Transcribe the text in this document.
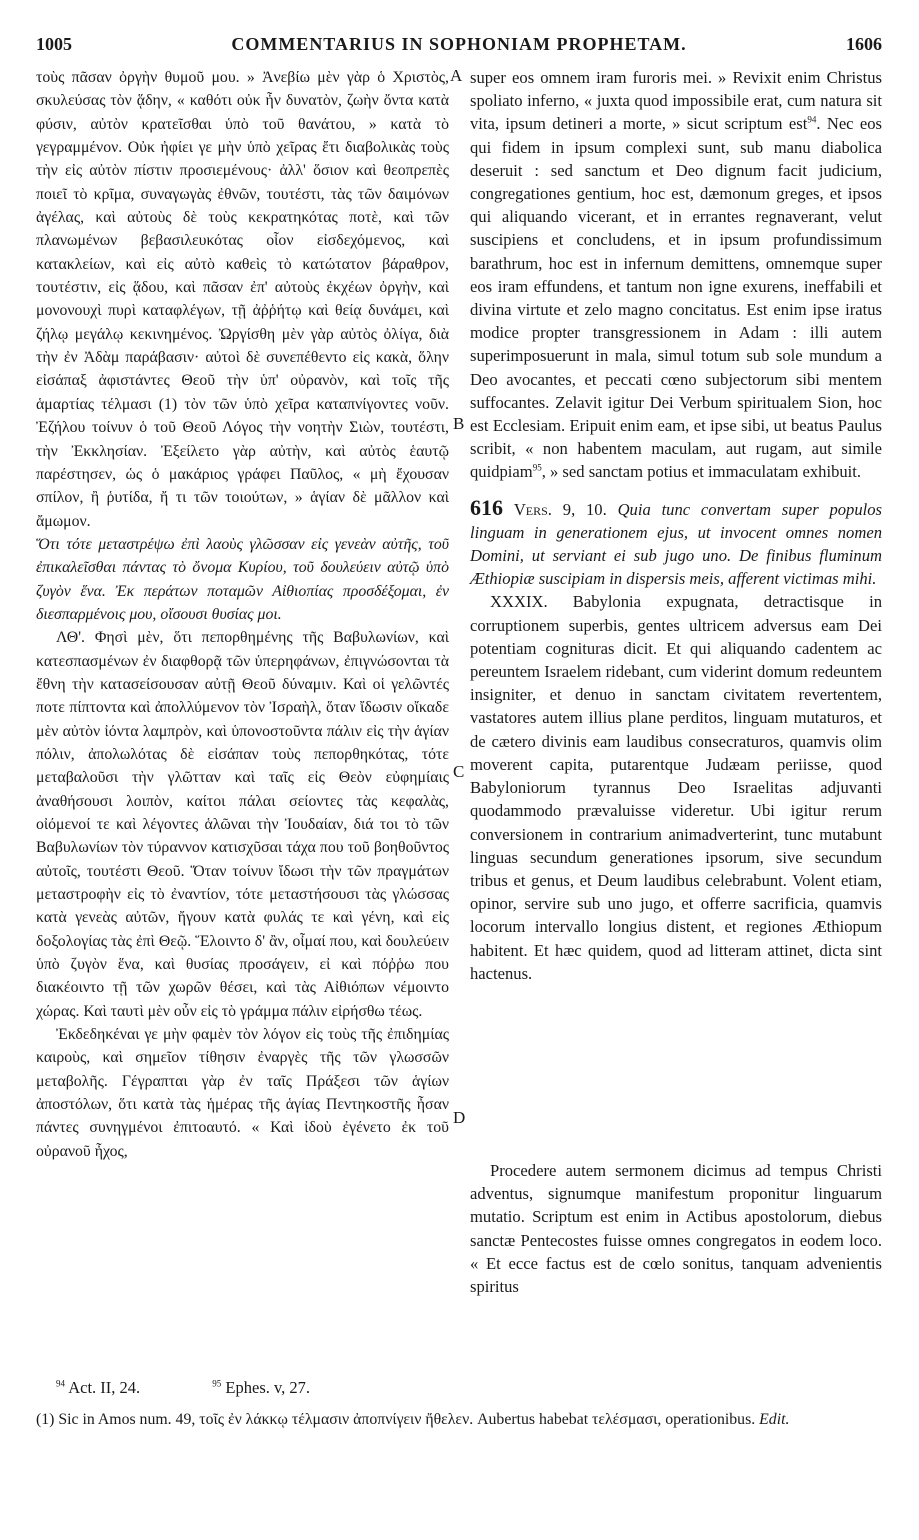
1005	COMMENTARIUS IN SOPHONIAM PROPHETAM.	1606
A
B
C
D

τοὺς πᾶσαν ὀργὴν θυμοῦ μου. » Ἀνεβίω μὲν γὰρ ὁ Χριστὸς, σκυλεύσας τὸν ᾅδην, « καθότι οὐκ ἦν δυνατὸν, ζωὴν ὄντα κατὰ φύσιν, αὐτὸν κρατεῖσθαι ὑπὸ τοῦ θανάτου, » κατὰ τὸ γεγραμμένον. Οὐκ ἠφίει γε μὴν ὑπὸ χεῖρας ἔτι διαβολικὰς τοὺς τὴν εἰς αὐτὸν πίστιν προσιεμένους· ἀλλ' ὅσιον καὶ θεοπρεπὲς ποιεῖ τὸ κρῖμα, συναγωγὰς ἐθνῶν, τουτέστι, τὰς τῶν δαιμόνων ἀγέλας, καὶ αὐτοὺς δὲ τοὺς κεκρατηκότας ποτὲ, καὶ τῶν πλανωμένων βεβασιλευκότας οἷον εἰσδεχόμενος, καὶ κατακλείων, καὶ εἰς αὐτὸ καθεὶς τὸ κατώτατον βάραθρον, τουτέστιν, εἰς ᾅδου, καὶ πᾶσαν ἐπ' αὐτοὺς ἐκχέων ὀργὴν, καὶ μονονουχὶ πυρὶ καταφλέγων, τῇ ἀῤῥήτῳ καὶ θείᾳ δυνάμει, καὶ ζήλῳ μεγάλῳ κεκινημένος. Ὠργίσθη μὲν γὰρ αὐτὸς ὀλίγα, διὰ τὴν ἐν Ἀδὰμ παράβασιν· αὐτοὶ δὲ συνεπέθεντο εἰς κακὰ, ὅλην εἰσάπαξ ἀφιστάντες Θεοῦ τὴν ὑπ' οὐρανὸν, καὶ τοῖς τῆς ἁμαρτίας τέλμασι (1) τὸν τῶν ὑπὸ χεῖρα καταπνίγοντες νοῦν. Ἐζήλου τοίνυν ὁ τοῦ Θεοῦ Λόγος τὴν νοητὴν Σιὼν, τουτέστι, τὴν Ἐκκλησίαν. Ἐξείλετο γὰρ αὐτὴν, καὶ αὐτὸς ἑαυτῷ παρέστησεν, ὡς ὁ μακάριος γράφει Παῦλος, « μὴ ἔχουσαν σπίλον, ἢ ῥυτίδα, ἤ τι τῶν τοιούτων, » ἁγίαν δὲ μᾶλλον καὶ ἄμωμον.

Ὅτι τότε μεταστρέψω ἐπὶ λαοὺς γλῶσσαν εἰς γενεὰν αὐτῆς, τοῦ ἐπικαλεῖσθαι πάντας τὸ ὄνομα Κυρίου, τοῦ δουλεύειν αὐτῷ ὑπὸ ζυγὸν ἕνα. Ἐκ περάτων ποταμῶν Αἰθιοπίας προσδέξομαι, ἐν διεσπαρμένοις μου, οἴσουσι θυσίας μοι.

ΛΘ'. Φησὶ μὲν, ὅτι πεπορθημένης τῆς Βαβυλωνίων, καὶ κατεσπασμένων ἐν διαφθορᾷ τῶν ὑπερηφάνων, ἐπιγνώσονται τὰ ἔθνη τὴν κατασείσουσαν αὐτῇ Θεοῦ δύναμιν. Καὶ οἱ γελῶντές ποτε πίπτοντα καὶ ἀπολλύμενον τὸν Ἰσραὴλ, ὅταν ἴδωσιν οἴκαδε μὲν αὐτὸν ἰόντα λαμπρὸν, καὶ ὑπονοστοῦντα πάλιν εἰς τὴν ἁγίαν πόλιν, ἀπολωλότας δὲ εἰσάπαν τοὺς πεπορθηκότας, τότε μεταβαλοῦσι τὴν γλῶτταν καὶ ταῖς εἰς Θεὸν εὐφημίαις ἀναθήσουσι λοιπὸν, καίτοι πάλαι σείοντες τὰς κεφαλὰς, οἰόμενοί τε καὶ λέγοντες ἁλῶναι τὴν Ἰουδαίαν, διά τοι τὸ τῶν Βαβυλωνίων τὸν τύραννον κατισχῦσαι τάχα που τοῦ βοηθοῦντος αὐτοῖς, τουτέστι Θεοῦ. Ὅταν τοίνυν ἴδωσι τὴν τῶν πραγμάτων μεταστροφὴν εἰς τὸ ἐναντίον, τότε μεταστήσουσι τὰς γλώσσας κατὰ γενεὰς αὐτῶν, ἤγουν κατὰ φυλάς τε καὶ γένη, καὶ εἰς δοξολογίας τὰς ἐπὶ Θεῷ. Ἕλοιντο δ' ἂν, οἶμαί που, καὶ δουλεύειν ὑπὸ ζυγὸν ἕνα, καὶ θυσίας προσάγειν, εἰ καὶ πόῤῥω που διακέοιντο τῇ τῶν χωρῶν θέσει, καὶ τὰς Αἰθιόπων νέμοιντο χώρας. Καὶ ταυτὶ μὲν οὖν εἰς τὸ γράμμα πάλιν εἰρήσθω τέως.

Ἐκδεδηκέναι γε μὴν φαμὲν τὸν λόγον εἰς τοὺς τῆς ἐπιδημίας καιροὺς, καὶ σημεῖον τίθησιν ἐναργὲς τῆς τῶν γλωσσῶν μεταβολῆς. Γέγραπται γὰρ ἐν ταῖς Πράξεσι τῶν ἁγίων ἀποστόλων, ὅτι κατὰ τὰς ἡμέρας τῆς ἁγίας Πεντηκοστῆς ἦσαν πάντες συνηγμένοι ἐπιτοαυτό. « Καὶ ἰδοὺ ἐγένετο ἐκ τοῦ οὐρανοῦ ἦχος,

super eos omnem iram furoris mei. » Revixit enim Christus spoliato inferno, « juxta quod impossibile erat, cum natura sit vita, ipsum detineri a morte, » sicut scriptum est$^{94}$. Nec eos qui fidem in ipsum complexi sunt, sub manu diabolica deseruit : sed sanctum et Deo dignum facit judicium, congregationes gentium, hoc est, dæmonum greges, et ipsos qui aliquando vicerant, et in errantes regnaverant, velut suscipiens et concludens, et in ipsum profundissimum barathrum, hoc est in infernum demittens, omnemque super eos iram effundens, et tantum non igne exurens, ineffabili et divina virtute et zelo magno concitatus. Est enim ipse iratus modice propter transgressionem in Adam : illi autem superimposuerunt in mala, simul totum sub sole mundum a Deo avocantes, et peccati cœno subjectorum sibi mentem suffocantes. Zelavit igitur Dei Verbum spiritualem Sion, hoc est Ecclesiam. Eripuit enim eam, et ipse sibi, ut beatus Paulus scribit, « non habentem maculam, aut rugam, aut simile quidpiam$^{95}$, » sed sanctam potius et immaculatam exhibuit.

616 Vers. 9, 10. Quia tunc convertam super populos linguam in generationem ejus, ut invocent omnes nomen Domini, ut serviant ei sub jugo uno. De finibus fluminum Æthiopiæ suscipiam in dispersis meis, afferent victimas mihi.

XXXIX. Babylonia expugnata, detractisque in corruptionem superbis, gentes ultricem adversus eam Dei potentiam cognituras dicit. Et qui aliquando cadentem ac pereuntem Israelem ridebant, cum viderint domum redeuntem insigniter, et denuo in sanctam civitatem revertentem, vastatores autem illius plane perditos, linguam mutaturos, et de cætero divinis eam laudibus consecraturos, quamvis olim moverent capita, putarentque Judæam periisse, quod Babyloniorum tyrannus Deo Israelitas adjuvanti quodammodo prævaluisse videretur. Ubi igitur rerum conversionem in contrarium animadverterint, tunc mutabunt linguas secundum generationes ipsorum, sive secundum tribus et genus, et Deum laudibus celebrabunt. Volent etiam, opinor, servire sub uno jugo, et offerre sacrificia, quamvis locorum intervallo longius distent, et regiones Æthiopum habitent. Et hæc quidem, quod ad litteram attinet, dicta sint hactenus.

Procedere autem sermonem dicimus ad tempus Christi adventus, signumque manifestum proponitur linguarum mutatio. Scriptum est enim in Actibus apostolorum, diebus sanctæ Pentecostes fuisse omnes congregatos in eodem loco. « Et ecce factus est de cœlo sonitus, tanquam advenientis spiritus

$^{94}$ Act. II, 24.	$^{95}$ Ephes. v, 27.
(1) Sic in Amos num. 49, τοῖς ἐν λάκκῳ τέλμασιν ἀποπνίγειν ἤθελεν. Aubertus habebat τελέσμασι, operationibus. Edit.
